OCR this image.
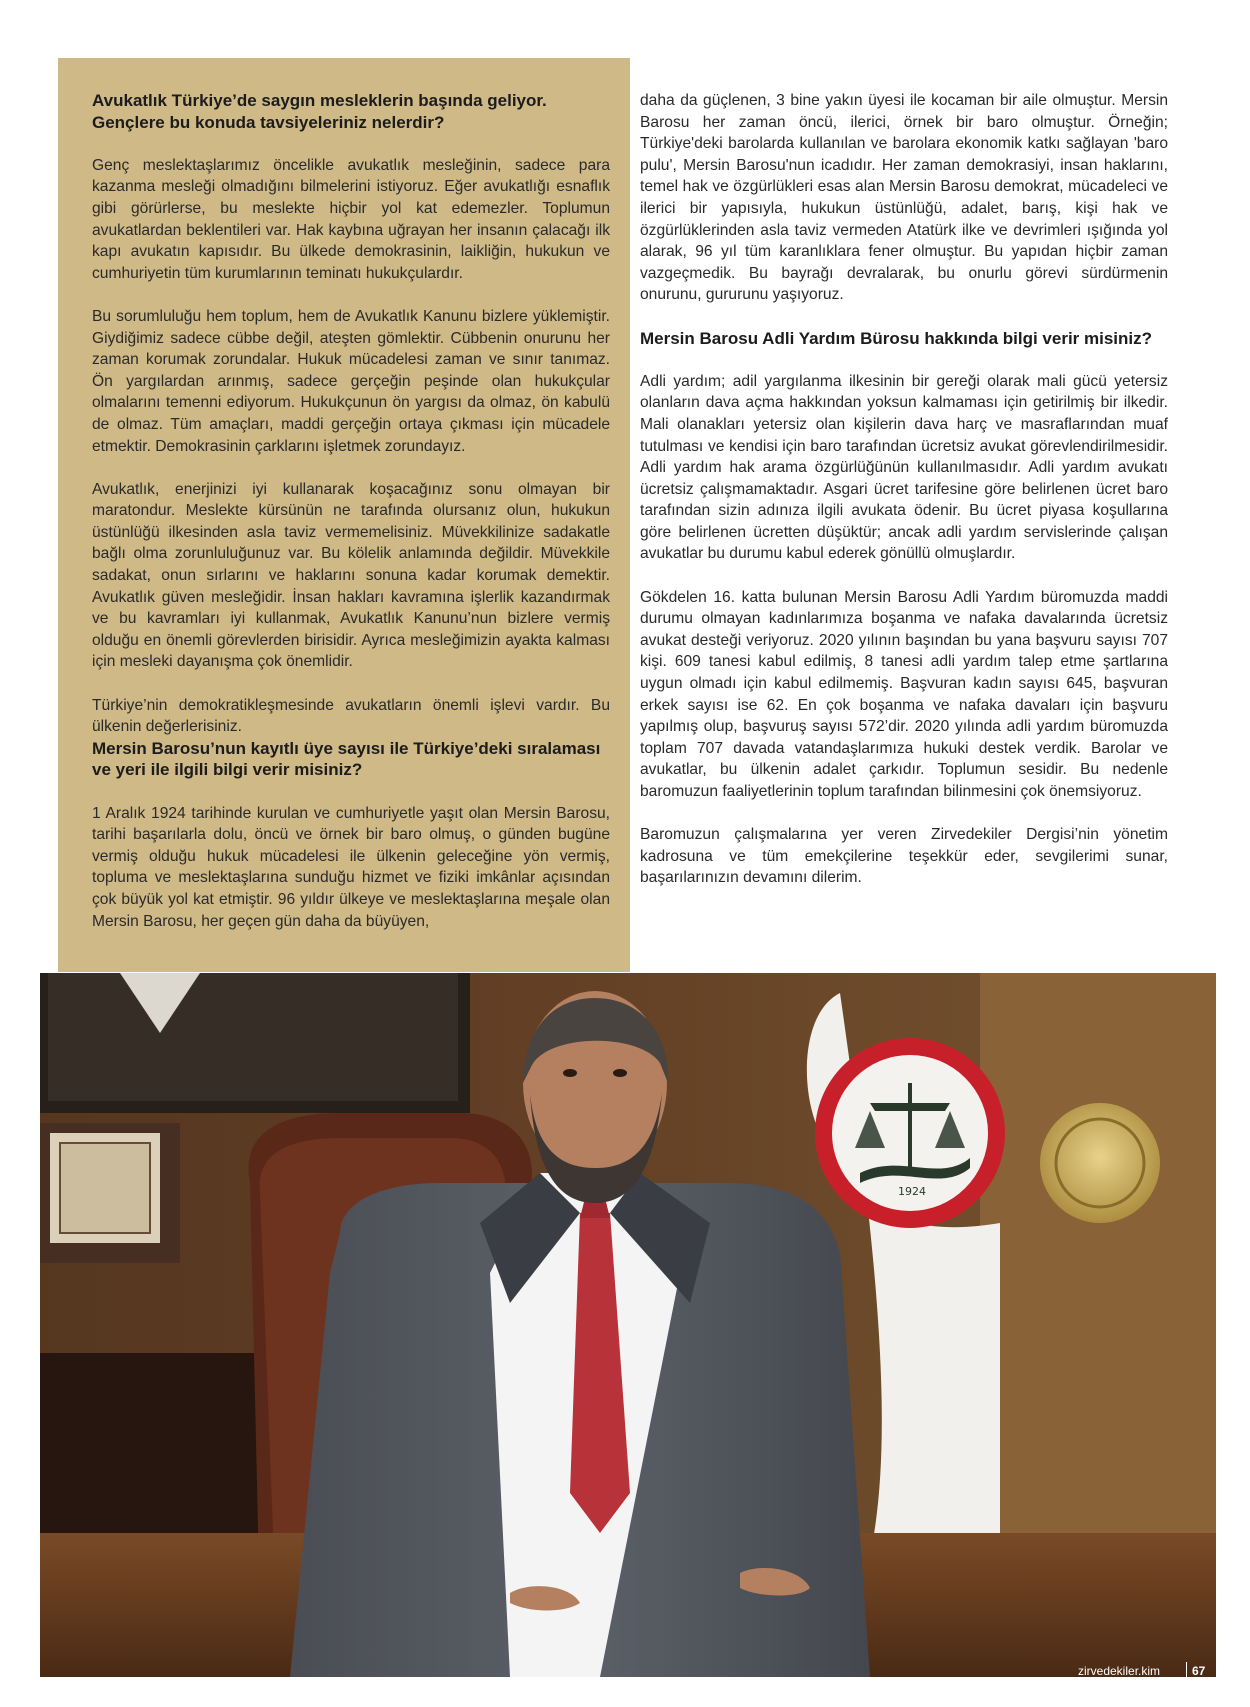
Avukatlık Türkiye’de saygın mesleklerin başında geliyor. Gençlere bu konuda tavsiyeleriniz nelerdir?

Genç meslektaşlarımız öncelikle avukatlık mesleğinin, sadece para kazanma mesleği olmadığını bilmelerini istiyoruz. Eğer avukatlığı esnaflık gibi görürlerse, bu meslekte hiçbir yol kat edemezler. Toplumun avukatlardan beklentileri var. Hak kaybına uğrayan her insanın çalacağı ilk kapı avukatın kapısıdır. Bu ülkede demokrasinin, laikliğin, hukukun ve cumhuriyetin tüm kurumlarının teminatı hukukçulardır.

Bu sorumluluğu hem toplum, hem de Avukatlık Kanunu bizlere yüklemiştir. Giydiğimiz sadece cübbe değil, ateşten gömlektir. Cübbenin onurunu her zaman korumak zorundalar. Hukuk mücadelesi zaman ve sınır tanımaz. Ön yargılardan arınmış, sadece gerçeğin peşinde olan hukukçular olmalarını temenni ediyorum. Hukukçunun ön yargısı da olmaz, ön kabulü de olmaz. Tüm amaçları, maddi gerçeğin ortaya çıkması için mücadele etmektir. Demokrasinin çarklarını işletmek zorundayız.

Avukatlık, enerjinizi iyi kullanarak koşacağınız sonu olmayan bir maratondur. Meslekte kürsünün ne tarafında olursanız olun, hukukun üstünlüğü ilkesinden asla taviz vermemelisiniz. Müvekkilinize sadakatle bağlı olma zorunluluğunuz var. Bu kölelik anlamında değildir. Müvekkile sadakat, onun sırlarını ve haklarını sonuna kadar korumak demektir. Avukatlık güven mesleğidir. İnsan hakları kavramına işlerlik kazandırmak ve bu kavramları iyi kullanmak, Avukatlık Kanunu’nun bizlere vermiş olduğu en önemli görevlerden birisidir. Ayrıca mesleğimizin ayakta kalması için mesleki dayanışma çok önemlidir.

Türkiye’nin demokratikleşmesinde avukatların önemli işlevi vardır. Bu ülkenin değerlerisiniz.

Mersin Barosu’nun kayıtlı üye sayısı ile Türkiye’deki sıralaması ve yeri ile ilgili bilgi verir misiniz?

1 Aralık 1924 tarihinde kurulan ve cumhuriyetle yaşıt olan Mersin Barosu, tarihi başarılarla dolu, öncü ve örnek bir baro olmuş, o günden bugüne vermiş olduğu hukuk mücadelesi ile ülkenin geleceğine yön vermiş, topluma ve meslektaşlarına sunduğu hizmet ve fiziki imkânlar açısından çok büyük yol kat etmiştir. 96 yıldır ülkeye ve meslektaşlarına meşale olan Mersin Barosu, her geçen gün daha da büyüyen,

daha da güçlenen, 3 bine yakın üyesi ile kocaman bir aile olmuştur. Mersin Barosu her zaman öncü, ilerici, örnek bir baro olmuştur. Örneğin; Türkiye'deki barolarda kullanılan ve barolara ekonomik katkı sağlayan 'baro pulu', Mersin Barosu'nun icadıdır. Her zaman demokrasiyi, insan haklarını, temel hak ve özgürlükleri esas alan Mersin Barosu demokrat, mücadeleci ve ilerici bir yapısıyla, hukukun üstünlüğü, adalet, barış, kişi hak ve özgürlüklerinden asla taviz vermeden Atatürk ilke ve devrimleri ışığında yol alarak, 96 yıl tüm karanlıklara fener olmuştur. Bu yapıdan hiçbir zaman vazgeçmedik. Bu bayrağı devralarak, bu onurlu görevi sürdürmenin onurunu, gururunu yaşıyoruz.

Mersin Barosu Adli Yardım Bürosu hakkında bilgi verir misiniz?

Adli yardım; adil yargılanma ilkesinin bir gereği olarak mali gücü yetersiz olanların dava açma hakkından yoksun kalmaması için getirilmiş bir ilkedir. Mali olanakları yetersiz olan kişilerin dava harç ve masraflarından muaf tutulması ve kendisi için baro tarafından ücretsiz avukat görevlendirilmesidir. Adli yardım hak arama özgürlüğünün kullanılmasıdır. Adli yardım avukatı ücretsiz çalışmamaktadır. Asgari ücret tarifesine göre belirlenen ücret baro tarafından sizin adınıza ilgili avukata ödenir. Bu ücret piyasa koşullarına göre belirlenen ücretten düşüktür; ancak adli yardım servislerinde çalışan avukatlar bu durumu kabul ederek gönüllü olmuşlardır.

Gökdelen 16. katta bulunan Mersin Barosu Adli Yardım büromuzda maddi durumu olmayan kadınlarımıza boşanma ve nafaka davalarında ücretsiz avukat desteği veriyoruz. 2020 yılının başından bu yana başvuru sayısı 707 kişi. 609 tanesi kabul edilmiş, 8 tanesi adli yardım talep etme şartlarına uygun olmadı için kabul edilmemiş. Başvuran kadın sayısı 645, başvuran erkek sayısı ise 62. En çok boşanma ve nafaka davaları için başvuru yapılmış olup, başvuruş sayısı 572’dir. 2020 yılında adli yardım büromuzda toplam 707 davada vatandaşlarımıza hukuki destek verdik. Barolar ve avukatlar, bu ülkenin adalet çarkıdır. Toplumun sesidir. Bu nedenle baromuzun faaliyetlerinin toplum tarafından bilinmesini çok önemsiyoruz.

Baromuzun çalışmalarına yer veren Zirvedekiler Dergisi’nin yönetim kadrosuna ve tüm emekçilerine teşekkür eder, sevgilerimi sunar, başarılarınızın devamını dilerim.

1924
zirvedekiler.kim	67
